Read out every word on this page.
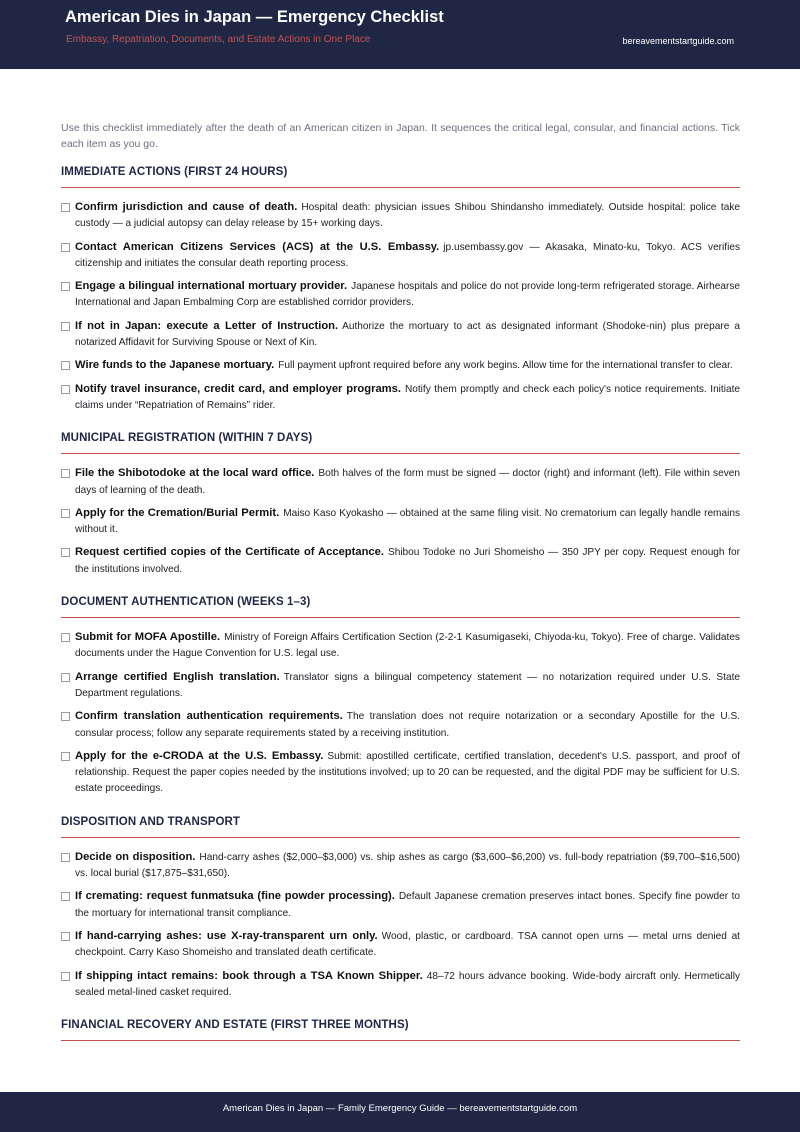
American Dies in Japan — Emergency Checklist
Embassy, Repatriation, Documents, and Estate Actions in One Place	bereavementstartguide.com

Use this checklist immediately after the death of an American citizen in Japan. It sequences the critical legal, consular, and financial actions. Tick each item as you go.

IMMEDIATE ACTIONS (FIRST 24 HOURS)
Confirm jurisdiction and cause of death. Hospital death: physician issues Shibou Shindansho immediately. Outside hospital: police take custody — a judicial autopsy can delay release by 15+ working days.
Contact American Citizens Services (ACS) at the U.S. Embassy. jp.usembassy.gov — Akasaka, Minato-ku, Tokyo. ACS verifies citizenship and initiates the consular death reporting process.
Engage a bilingual international mortuary provider. Japanese hospitals and police do not provide long-term refrigerated storage. Airhearse International and Japan Embalming Corp are established corridor providers.
If not in Japan: execute a Letter of Instruction. Authorize the mortuary to act as designated informant (Shodoke-nin) plus prepare a notarized Affidavit for Surviving Spouse or Next of Kin.
Wire funds to the Japanese mortuary. Full payment upfront required before any work begins. Allow time for the international transfer to clear.
Notify travel insurance, credit card, and employer programs. Notify them promptly and check each policy's notice requirements. Initiate claims under “Repatriation of Remains” rider.
MUNICIPAL REGISTRATION (WITHIN 7 DAYS)
File the Shibotodoke at the local ward office. Both halves of the form must be signed — doctor (right) and informant (left). File within seven days of learning of the death.
Apply for the Cremation/Burial Permit. Maiso Kaso Kyokasho — obtained at the same filing visit. No crematorium can legally handle remains without it.
Request certified copies of the Certificate of Acceptance. Shibou Todoke no Juri Shomeisho — 350 JPY per copy. Request enough for the institutions involved.
DOCUMENT AUTHENTICATION (WEEKS 1–3)
Submit for MOFA Apostille. Ministry of Foreign Affairs Certification Section (2-2-1 Kasumigaseki, Chiyoda-ku, Tokyo). Free of charge. Validates documents under the Hague Convention for U.S. legal use.
Arrange certified English translation. Translator signs a bilingual competency statement — no notarization required under U.S. State Department regulations.
Confirm translation authentication requirements. The translation does not require notarization or a secondary Apostille for the U.S. consular process; follow any separate requirements stated by a receiving institution.
Apply for the e-CRODA at the U.S. Embassy. Submit: apostilled certificate, certified translation, decedent's U.S. passport, and proof of relationship. Request the paper copies needed by the institutions involved; up to 20 can be requested, and the digital PDF may be sufficient for U.S. estate proceedings.
DISPOSITION AND TRANSPORT
Decide on disposition. Hand-carry ashes ($2,000–$3,000) vs. ship ashes as cargo ($3,600–$6,200) vs. full-body repatriation ($9,700–$16,500) vs. local burial ($17,875–$31,650).
If cremating: request funmatsuka (fine powder processing). Default Japanese cremation preserves intact bones. Specify fine powder to the mortuary for international transit compliance.
If hand-carrying ashes: use X-ray-transparent urn only. Wood, plastic, or cardboard. TSA cannot open urns — metal urns denied at checkpoint. Carry Kaso Shomeisho and translated death certificate.
If shipping intact remains: book through a TSA Known Shipper. 48–72 hours advance booking. Wide-body aircraft only. Hermetically sealed metal-lined casket required.
FINANCIAL RECOVERY AND ESTATE (FIRST THREE MONTHS)
American Dies in Japan — Family Emergency Guide — bereavementstartguide.com
